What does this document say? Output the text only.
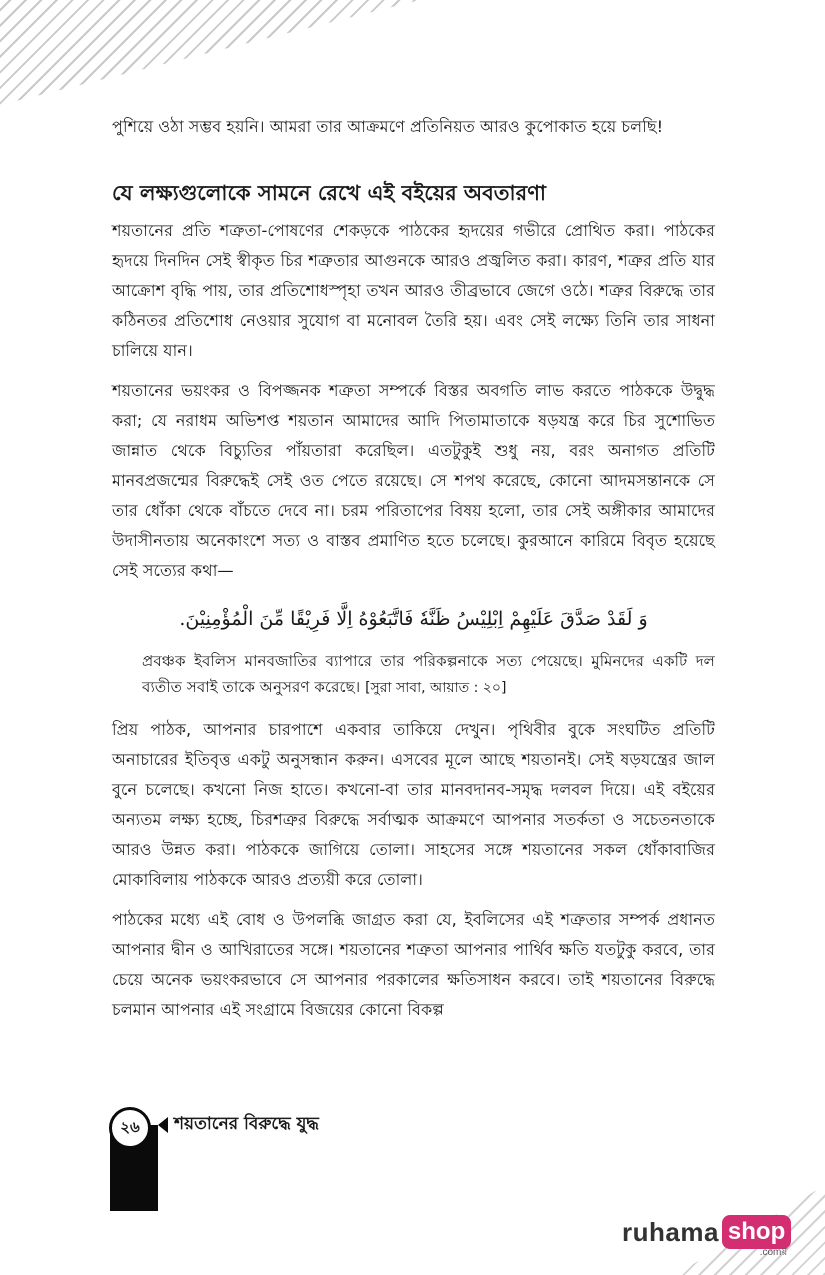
পুশিয়ে ওঠা সম্ভব হয়নি। আমরা তার আক্রমণে প্রতিনিয়ত আরও কুপোকাত হয়ে চলছি!

যে লক্ষ্যগুলোকে সামনে রেখে এই বইয়ের অবতারণা

শয়তানের প্রতি শত্রুতা-পোষণের শেকড়কে পাঠকের হৃদয়ের গভীরে প্রোথিত করা। পাঠকের হৃদয়ে দিনদিন সেই স্বীকৃত চির শত্রুতার আগুনকে আরও প্রজ্বলিত করা। কারণ, শত্রুর প্রতি যার আক্রোশ বৃদ্ধি পায়, তার প্রতিশোধস্পৃহা তখন আরও তীব্রভাবে জেগে ওঠে। শত্রুর বিরুদ্ধে তার কঠিনতর প্রতিশোধ নেওয়ার সুযোগ বা মনোবল তৈরি হয়। এবং সেই লক্ষ্যে তিনি তার সাধনা চালিয়ে যান।

শয়তানের ভয়ংকর ও বিপজ্জনক শত্রুতা সম্পর্কে বিস্তর অবগতি লাভ করতে পাঠককে উদ্বুদ্ধ করা; যে নরাধম অভিশপ্ত শয়তান আমাদের আদি পিতামাতাকে ষড়যন্ত্র করে চির সুশোভিত জান্নাত থেকে বিচ্যুতির পাঁয়তারা করেছিল। এতটুকুই শুধু নয়, বরং অনাগত প্রতিটি মানবপ্রজন্মের বিরুদ্ধেই সেই ওত পেতে রয়েছে। সে শপথ করেছে, কোনো আদমসন্তানকে সে তার ধোঁকা থেকে বাঁচতে দেবে না। চরম পরিতাপের বিষয় হলো, তার সেই অঙ্গীকার আমাদের উদাসীনতায় অনেকাংশে সত্য ও বাস্তব প্রমাণিত হতে চলেছে। কুরআনে কারিমে বিবৃত হয়েছে সেই সত্যের কথা—

وَ لَقَدْ صَدَّقَ عَلَيْهِمْ اِبْلِيْسُ ظَنَّهٗ فَاتَّبَعُوْهُ اِلَّا فَرِيْقًا مِّنَ الْمُؤْمِنِيْنَ.

প্রবঞ্চক ইবলিস মানবজাতির ব্যাপারে তার পরিকল্পনাকে সত্য পেয়েছে। মুমিনদের একটি দল ব্যতীত সবাই তাকে অনুসরণ করেছে। [সুরা সাবা, আয়াত : ২০]

প্রিয় পাঠক, আপনার চারপাশে একবার তাকিয়ে দেখুন। পৃথিবীর বুকে সংঘটিত প্রতিটি অনাচারের ইতিবৃত্ত একটু অনুসন্ধান করুন। এসবের মূলে আছে শয়তানই। সেই ষড়যন্ত্রের জাল বুনে চলেছে। কখনো নিজ হাতে। কখনো-বা তার মানবদানব-সমৃদ্ধ দলবল দিয়ে। এই বইয়ের অন্যতম লক্ষ্য হচ্ছে, চিরশত্রুর বিরুদ্ধে সর্বাত্মক আক্রমণে আপনার সতর্কতা ও সচেতনতাকে আরও উন্নত করা। পাঠককে জাগিয়ে তোলা। সাহসের সঙ্গে শয়তানের সকল ধোঁকাবাজির মোকাবিলায় পাঠককে আরও প্রত্যয়ী করে তোলা।

পাঠকের মধ্যে এই বোধ ও উপলব্ধি জাগ্রত করা যে, ইবলিসের এই শত্রুতার সম্পর্ক প্রধানত আপনার দ্বীন ও আখিরাতের সঙ্গে। শয়তানের শত্রুতা আপনার পার্থিব ক্ষতি যতটুকু করবে, তার চেয়ে অনেক ভয়ংকরভাবে সে আপনার পরকালের ক্ষতিসাধন করবে। তাই শয়তানের বিরুদ্ধে চলমান আপনার এই সংগ্রামে বিজয়ের কোনো বিকল্প

২৬	শয়তানের বিরুদ্ধে যুদ্ধ
ruhama shop
.comয়
